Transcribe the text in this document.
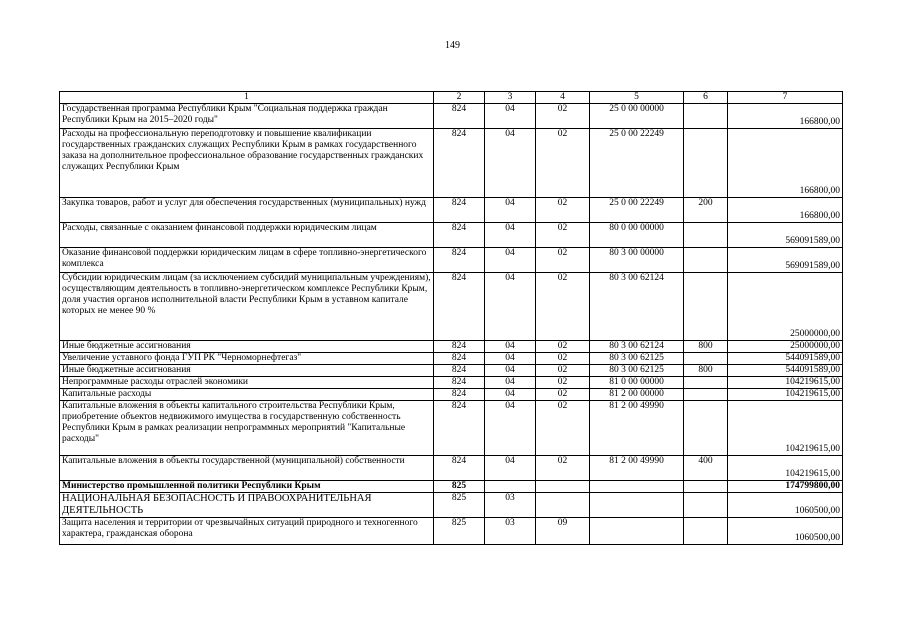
149
1	2	3	4	5	6	7
Государственная программа Республики Крым "Социальная поддержка граждан Республики Крым на 2015–2020 годы"	824	04	02	25 0 00 00000		166800,00
Расходы на профессиональную переподготовку и повышение квалификации государственных гражданских служащих Республики Крым в рамках государственного заказа на дополнительное профессиональное образование государственных гражданских служащих Республики Крым	824	04	02	25 0 00 22249		166800,00
Закупка товаров, работ и услуг для обеспечения государственных (муниципальных) нужд	824	04	02	25 0 00 22249	200	166800,00
Расходы, связанные с оказанием финансовой поддержки юридическим лицам	824	04	02	80 0 00 00000		569091589,00
Оказание финансовой поддержки юридическим лицам в сфере топливно-энергетического комплекса	824	04	02	80 3 00 00000		569091589,00
Субсидии юридическим лицам (за исключением субсидий муниципальным учреждениям), осуществляющим деятельность в топливно-энергетическом комплексе Республики Крым, доля участия органов исполнительной власти Республики Крым в уставном капитале которых не менее 90 %	824	04	02	80 3 00 62124		25000000,00
Иные бюджетные ассигнования	824	04	02	80 3 00 62124	800	25000000,00
Увеличение уставного фонда ГУП РК "Черноморнефтегаз"	824	04	02	80 3 00 62125		544091589,00
Иные бюджетные ассигнования	824	04	02	80 3 00 62125	800	544091589,00
Непрограммные расходы отраслей экономики	824	04	02	81 0 00 00000		104219615,00
Капитальные расходы	824	04	02	81 2 00 00000		104219615,00
Капитальные вложения в объекты капитального строительства Республики Крым, приобретение объектов недвижимого имущества в государственную собственность Республики Крым в рамках реализации непрограммных мероприятий "Капитальные расходы"	824	04	02	81 2 00 49990		104219615,00
Капитальные вложения в объекты государственной (муниципальной) собственности	824	04	02	81 2 00 49990	400	104219615,00
Министерство промышленной политики Республики Крым	825					174799800,00
НАЦИОНАЛЬНАЯ БЕЗОПАСНОСТЬ И ПРАВООХРАНИТЕЛЬНАЯ ДЕЯТЕЛЬНОСТЬ	825	03				1060500,00
Защита населения и территории от чрезвычайных ситуаций природного и техногенного характера, гражданская оборона	825	03	09			1060500,00
